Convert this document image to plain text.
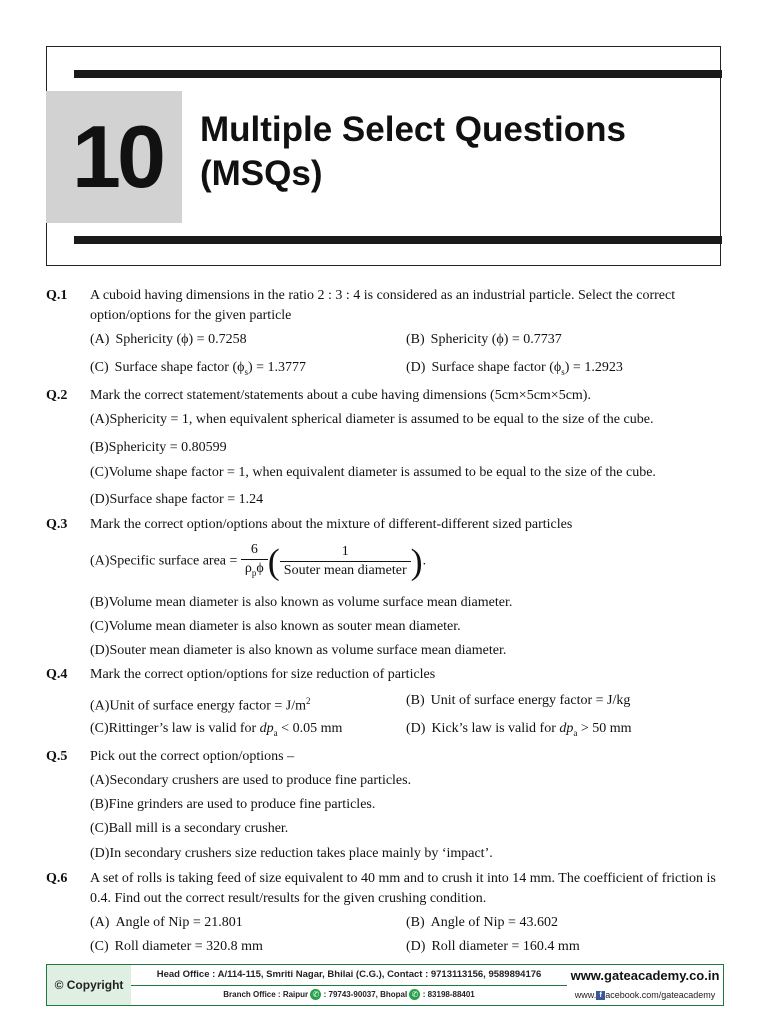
10	Multiple Select Questions
(MSQs)
Q.1 A cuboid having dimensions in the ratio 2 : 3 : 4 is considered as an industrial particle. Select the correct option/options for the given particle
(A) Sphericity (ϕ) = 0.7258	(B) Sphericity (ϕ) = 0.7737
(C) Surface shape factor $(\phi_s) = 1.3777$	(D) Surface shape factor $(\phi_s) = 1.2923$
Q.2 Mark the correct statement/statements about a cube having dimensions (5cm×5cm×5cm).
(A)Sphericity = 1, when equivalent spherical diameter is assumed to be equal to the size of the cube.
(B)Sphericity = 0.80599
(C)Volume shape factor = 1, when equivalent diameter is assumed to be equal to the size of the cube.
(D)Surface shape factor = 1.24
Q.3 Mark the correct option/options about the mixture of different-different sized particles
(A)Specific surface area = $\frac{6}{\rho_p\phi}$ ( $\frac{1}{\text{Souter mean diameter}}$ ).
(B)Volume mean diameter is also known as volume surface mean diameter.
(C)Volume mean diameter is also known as souter mean diameter.
(D)Souter mean diameter is also known as volume surface mean diameter.
Q.4 Mark the correct option/options for size reduction of particles
(A)Unit of surface energy factor = $J/m^2$	(B) Unit of surface energy factor = J/kg
(C)Rittinger’s law is valid for $dp_a < 0.05$ mm	(D) Kick’s law is valid for $dp_a > 50$ mm
Q.5 Pick out the correct option/options –
(A)Secondary crushers are used to produce fine particles.
(B)Fine grinders are used to produce fine particles.
(C)Ball mill is a secondary crusher.
(D)In secondary crushers size reduction takes place mainly by ‘impact’.
Q.6 A set of rolls is taking feed of size equivalent to 40 mm and to crush it into 14 mm. The coefficient of friction is 0.4. Find out the correct result/results for the given crushing condition.
(A) Angle of Nip = 21.801	(B) Angle of Nip = 43.602
(C) Roll diameter = 320.8 mm	(D) Roll diameter = 160.4 mm
© Copyright
Head Office : A/114-115, Smriti Nagar, Bhilai (C.G.), Contact : 9713113156, 9589894176
Branch Office : Raipur ✆ : 79743-90037, Bhopal ✆ : 83198-88401
www.gateacademy.co.in
www. f acebook.com/gateacademy
